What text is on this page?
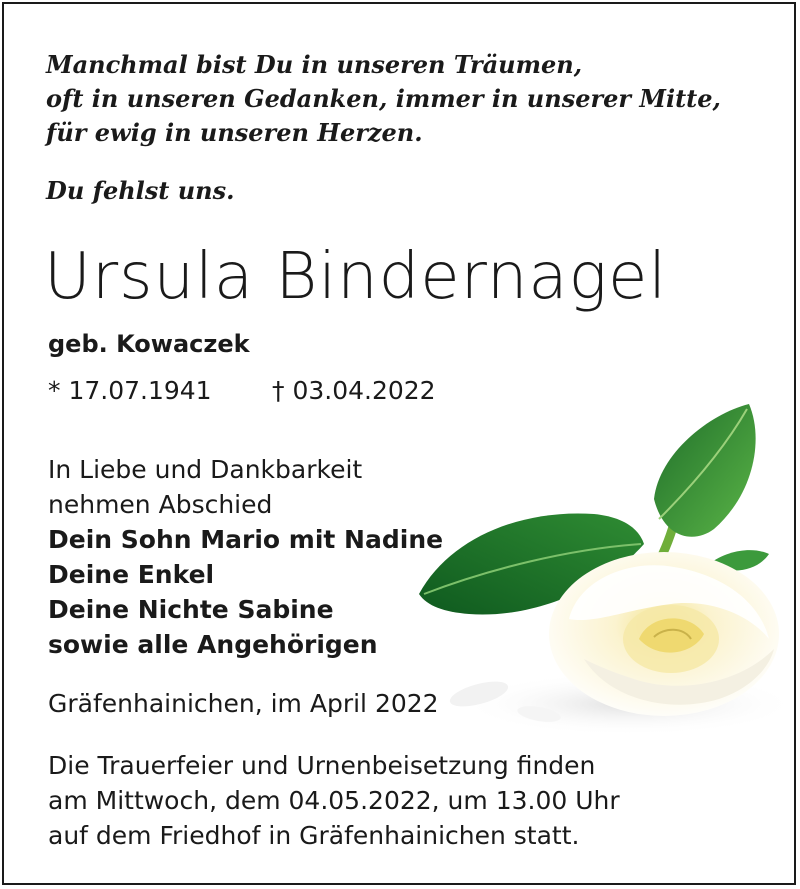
Manchmal bist Du in unseren Träumen,

oft in unseren Gedanken, immer in unserer Mitte,

für ewig in unseren Herzen.

Du fehlst uns.

Ursula Bindernagel

geb. Kowaczek

* 17.07.1941 † 03.04.2022

In Liebe und Dankbarkeit

nehmen Abschied

Dein Sohn Mario mit Nadine

Deine Enkel

Deine Nichte Sabine

sowie alle Angehörigen

Gräfenhainichen, im April 2022

Die Trauerfeier und Urnenbeisetzung finden

am Mittwoch, dem 04.05.2022, um 13.00 Uhr

auf dem Friedhof in Gräfenhainichen statt.
